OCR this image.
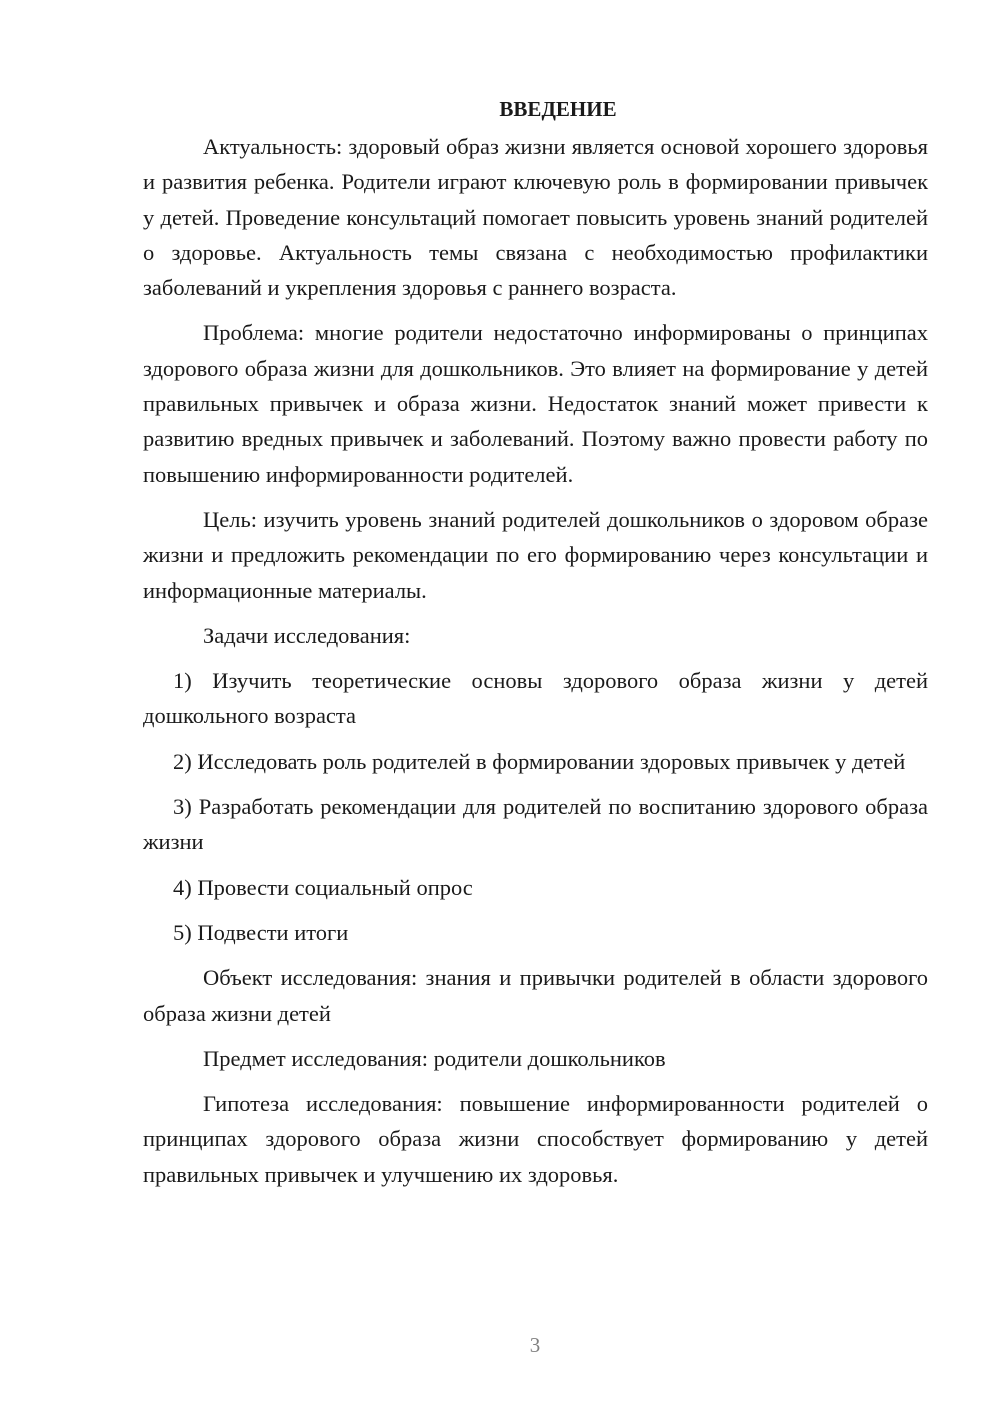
ВВЕДЕНИЕ

Актуальность: здоровый образ жизни является основой хорошего здоровья и развития ребенка. Родители играют ключевую роль в формировании привычек у детей. Проведение консультаций помогает повысить уровень знаний родителей о здоровье. Актуальность темы связана с необходимостью профилактики заболеваний и укрепления здоровья с раннего возраста.

Проблема: многие родители недостаточно информированы о принципах здорового образа жизни для дошкольников. Это влияет на формирование у детей правильных привычек и образа жизни. Недостаток знаний может привести к развитию вредных привычек и заболеваний. Поэтому важно провести работу по повышению информированности родителей.

Цель: изучить уровень знаний родителей дошкольников о здоровом образе жизни и предложить рекомендации по его формированию через консультации и информационные материалы.

Задачи исследования:

1) Изучить теоретические основы здорового образа жизни у детей дошкольного возраста

2) Исследовать роль родителей в формировании здоровых привычек у детей

3) Разработать рекомендации для родителей по воспитанию здорового образа жизни

4) Провести социальный опрос

5) Подвести итоги

Объект исследования: знания и привычки родителей в области здорового образа жизни детей

Предмет исследования: родители дошкольников

Гипотеза исследования: повышение информированности родителей о принципах здорового образа жизни способствует формированию у детей правильных привычек и улучшению их здоровья.

3
